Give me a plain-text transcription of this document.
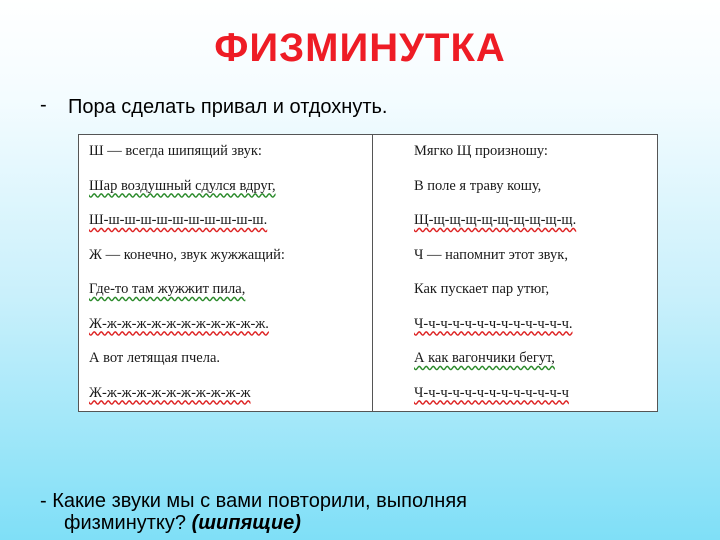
ФИЗМИНУТКА
- Пора сделать привал и отдохнуть.
Ш — всегда шипящий звук:
Шар воздушный сдулся вдруг,
Ш-ш-ш-ш-ш-ш-ш-ш-ш-ш-ш.
Ж — конечно, звук жужжащий:
Где-то там жужжит пила,
Ж-ж-ж-ж-ж-ж-ж-ж-ж-ж-ж-ж.
А вот летящая пчела.
Ж-ж-ж-ж-ж-ж-ж-ж-ж-ж-ж
Мягко Щ произношу:
В поле я траву кошу,
Щ-щ-щ-щ-щ-щ-щ-щ-щ-щ.
Ч — напомнит этот звук,
Как пускает пар утюг,
Ч-ч-ч-ч-ч-ч-ч-ч-ч-ч-ч-ч-ч.
А как вагончики бегут,
Ч-ч-ч-ч-ч-ч-ч-ч-ч-ч-ч-ч-ч
- Какие звуки мы с вами повторили, выполняя
физминутку? (шипящие)
